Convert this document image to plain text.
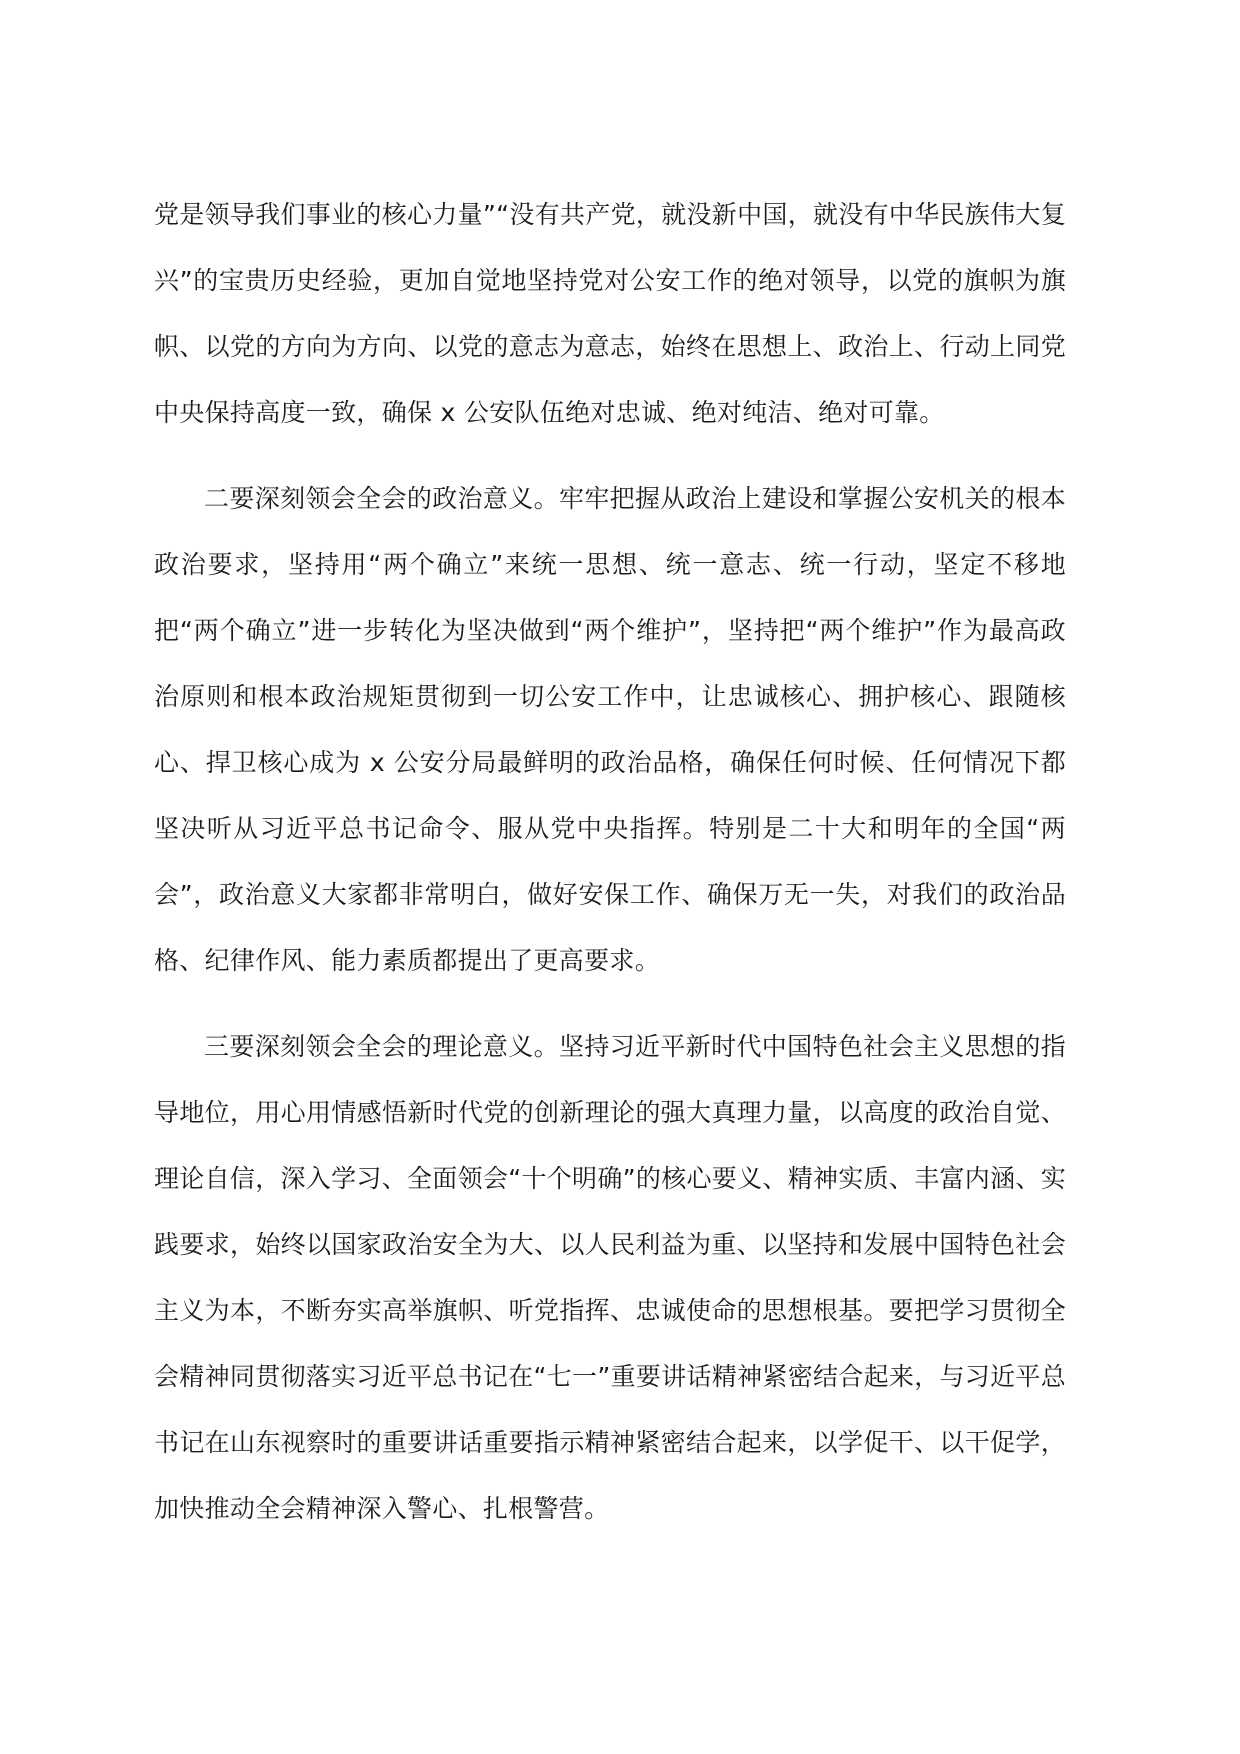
党是领导我们事业的核心力量”“没有共产党，就没新中国，就没有中华民族伟大复兴”的宝贵历史经验，更加自觉地坚持党对公安工作的绝对领导，以党的旗帜为旗帜、以党的方向为方向、以党的意志为意志，始终在思想上、政治上、行动上同党中央保持高度一致，确保 x 公安队伍绝对忠诚、绝对纯洁、绝对可靠。

二要深刻领会全会的政治意义。牢牢把握从政治上建设和掌握公安机关的根本政治要求，坚持用“两个确立”来统一思想、统一意志、统一行动，坚定不移地把“两个确立”进一步转化为坚决做到“两个维护”，坚持把“两个维护”作为最高政治原则和根本政治规矩贯彻到一切公安工作中，让忠诚核心、拥护核心、跟随核心、捍卫核心成为 x 公安分局最鲜明的政治品格，确保任何时候、任何情况下都坚决听从习近平总书记命令、服从党中央指挥。特别是二十大和明年的全国“两会”，政治意义大家都非常明白，做好安保工作、确保万无一失，对我们的政治品格、纪律作风、能力素质都提出了更高要求。

三要深刻领会全会的理论意义。坚持习近平新时代中国特色社会主义思想的指导地位，用心用情感悟新时代党的创新理论的强大真理力量，以高度的政治自觉、理论自信，深入学习、全面领会“十个明确”的核心要义、精神实质、丰富内涵、实践要求，始终以国家政治安全为大、以人民利益为重、以坚持和发展中国特色社会主义为本，不断夯实高举旗帜、听党指挥、忠诚使命的思想根基。要把学习贯彻全会精神同贯彻落实习近平总书记在“七一”重要讲话精神紧密结合起来，与习近平总书记在山东视察时的重要讲话重要指示精神紧密结合起来，以学促干、以干促学，加快推动全会精神深入警心、扎根警营。
